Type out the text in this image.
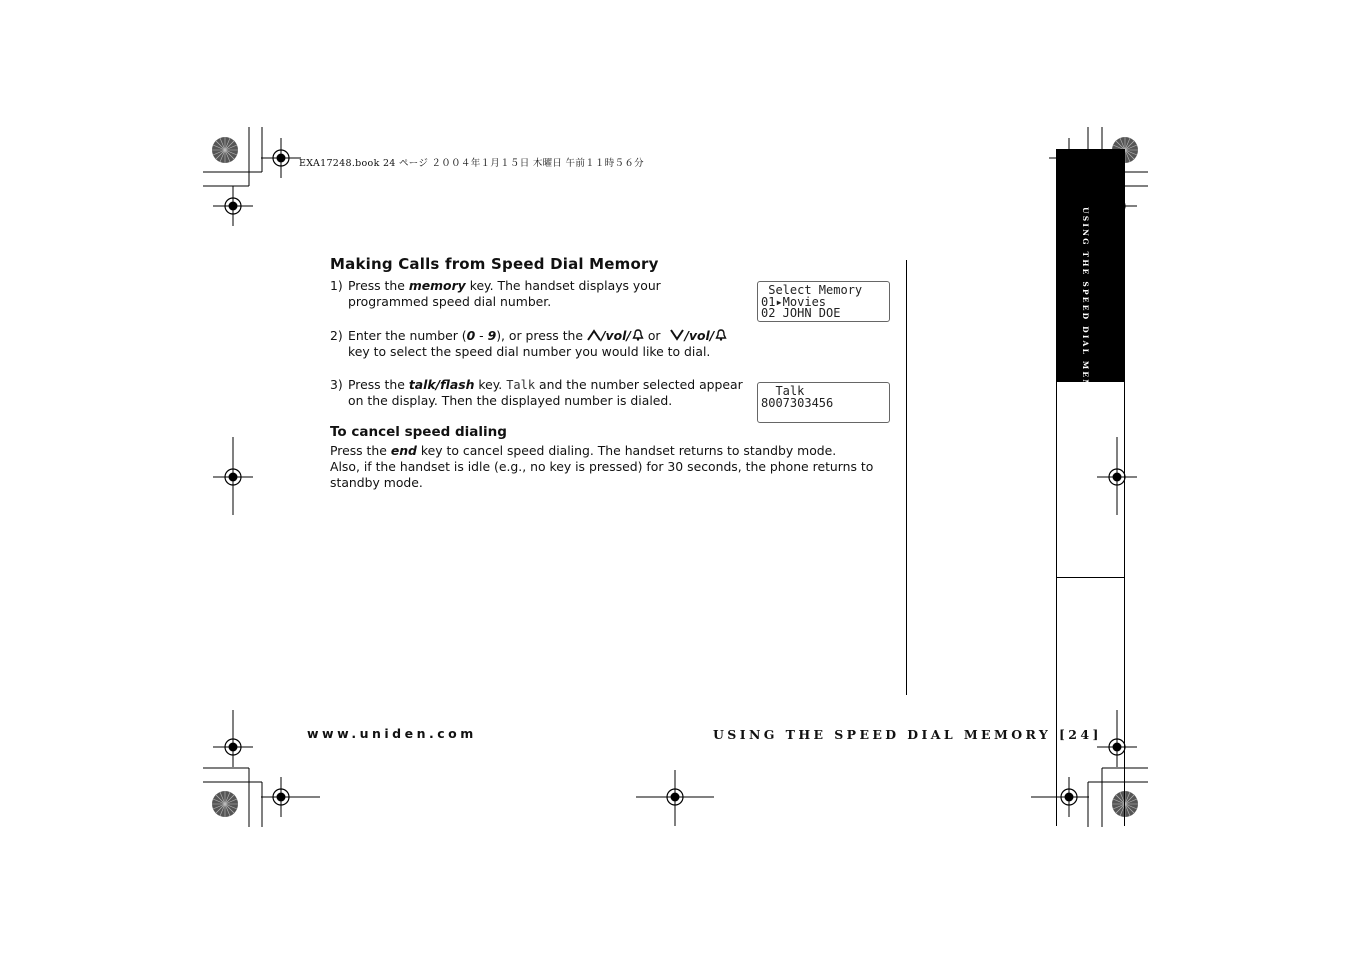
EXA17248.book 24 ページ ２００４年１月１５日 木曜日 午前１１時５６分
USING THE SPEED DIAL MEMORY
Making Calls from Speed Dial Memory
1) Press the memory key. The handset displays your programmed speed dial number.
2) Enter the number (0 - 9), or press the /vol/ or /vol/ key to select the speed dial number you would like to dial.
3) Press the talk/flash key. Talk and the number selected appear on the display. Then the displayed number is dialed.
Select Memory
01▸Movies
02 JOHN DOE
Talk
8007303456
To cancel speed dialing
Press the end key to cancel speed dialing. The handset returns to standby mode.
Also, if the handset is idle (e.g., no key is pressed) for 30 seconds, the phone returns to standby mode.
www.uniden.com	USING THE SPEED DIAL MEMORY [24]
